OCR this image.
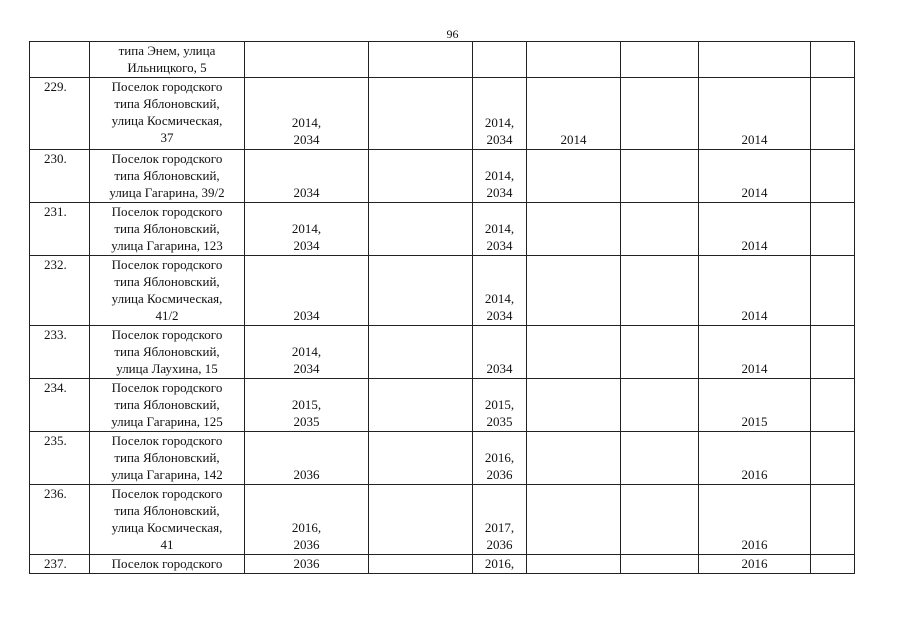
96

	типа Энем, улица
Ильницкого, 5							

229.	Поселок городского
типа Яблоновский,
улица Космическая,
37	2014,
2034		2014,
2034	2014		2014	

230.	Поселок городского
типа Яблоновский,
улица Гагарина, 39/2	2034		2014,
2034			2014	

231.	Поселок городского
типа Яблоновский,
улица Гагарина, 123	2014,
2034		2014,
2034			2014	

232.	Поселок городского
типа Яблоновский,
улица Космическая,
41/2	2034		2014,
2034			2014	

233.	Поселок городского
типа Яблоновский,
улица Лаухина, 15	2014,
2034		2034			2014	

234.	Поселок городского
типа Яблоновский,
улица Гагарина, 125	2015,
2035		2015,
2035			2015	

235.	Поселок городского
типа Яблоновский,
улица Гагарина, 142	2036		2016,
2036			2016	

236.	Поселок городского
типа Яблоновский,
улица Космическая,
41	2016,
2036		2017,
2036			2016	

237.	Поселок городского	2036		2016,			2016	
